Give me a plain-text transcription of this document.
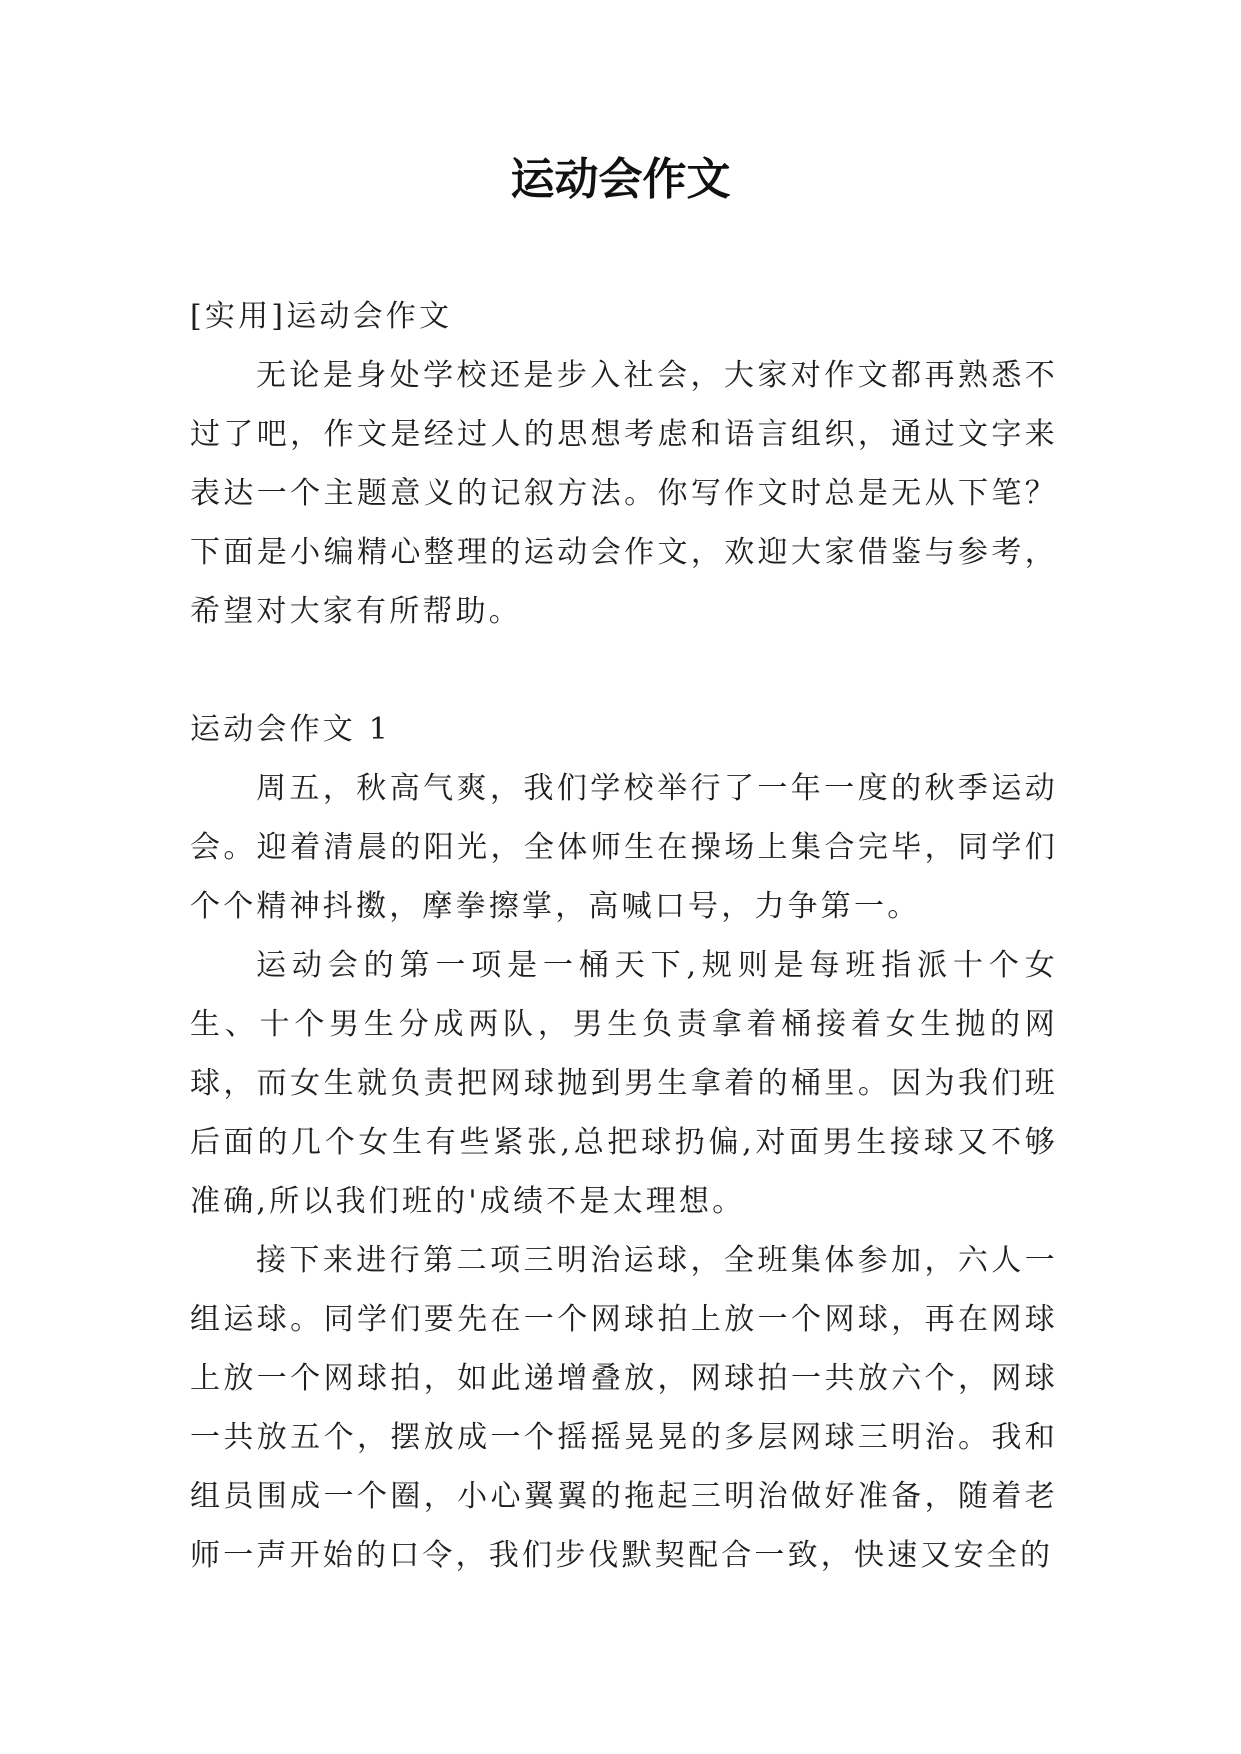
运动会作文

[实用]运动会作文

无论是身处学校还是步入社会，大家对作文都再熟悉不过了吧，作文是经过人的思想考虑和语言组织，通过文字来表达一个主题意义的记叙方法。你写作文时总是无从下笔？下面是小编精心整理的运动会作文，欢迎大家借鉴与参考，希望对大家有所帮助。

运动会作文 1

周五，秋高气爽，我们学校举行了一年一度的秋季运动会。迎着清晨的阳光，全体师生在操场上集合完毕，同学们个个精神抖擞，摩拳擦掌，高喊口号，力争第一。

运动会的第一项是一桶天下,规则是每班指派十个女生、十个男生分成两队，男生负责拿着桶接着女生抛的网球，而女生就负责把网球抛到男生拿着的桶里。因为我们班后面的几个女生有些紧张,总把球扔偏,对面男生接球又不够准确,所以我们班的'成绩不是太理想。

接下来进行第二项三明治运球，全班集体参加，六人一组运球。同学们要先在一个网球拍上放一个网球，再在网球上放一个网球拍，如此递增叠放，网球拍一共放六个，网球一共放五个，摆放成一个摇摇晃晃的多层网球三明治。我和组员围成一个圈，小心翼翼的拖起三明治做好准备，随着老师一声开始的口令，我们步伐默契配合一致，快速又安全的
